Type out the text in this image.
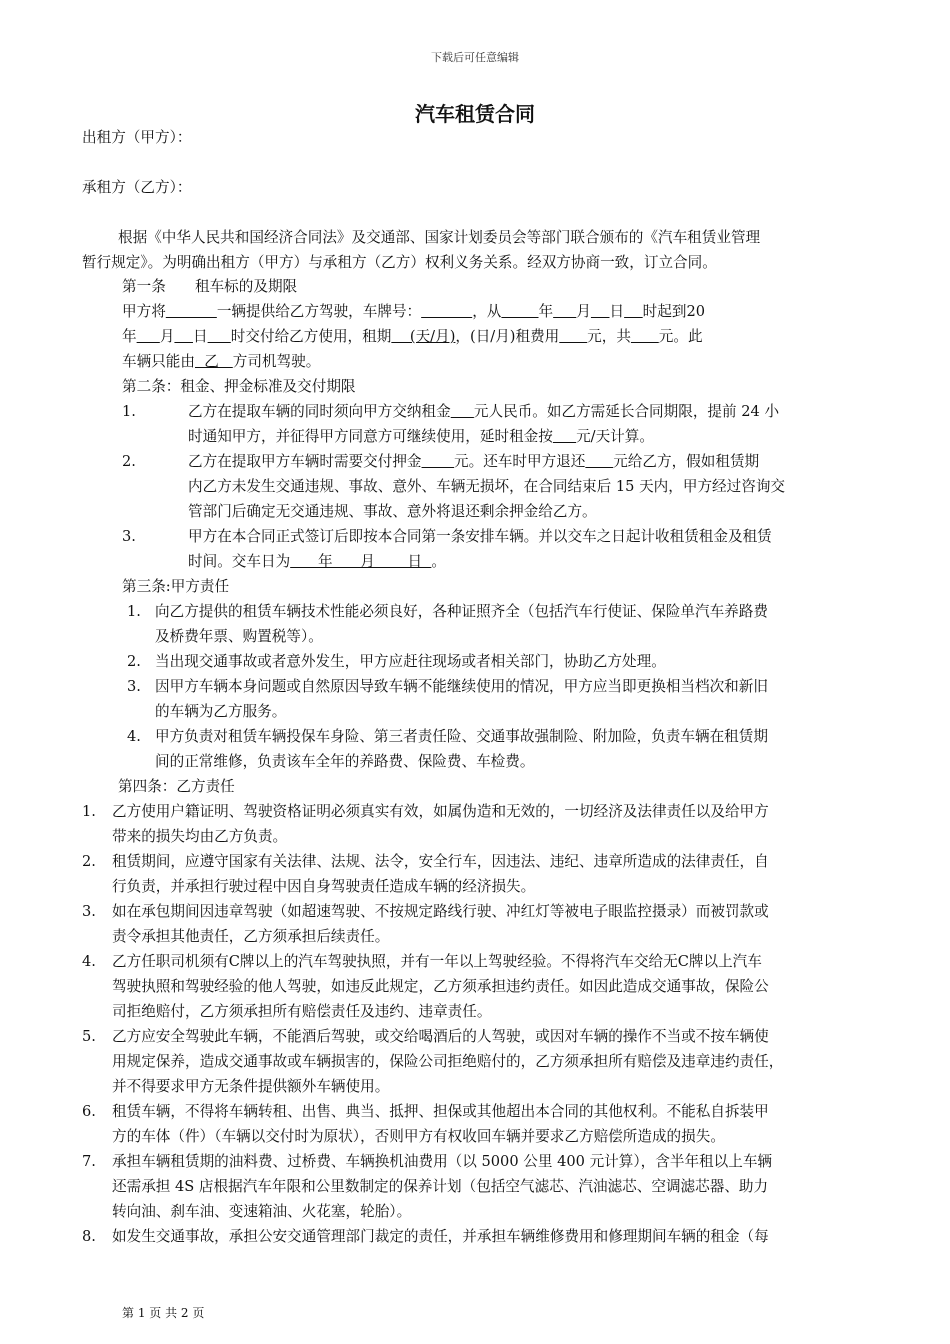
下载后可任意编辑
汽车租赁合同
出租方（甲方）：
承租方（乙方）：
根据《中华人民共和国经济合同法》及交通部、国家计划委员会等部门联合颁布的《汽车租赁业管理
暂行规定》。为明确出租方（甲方）与承租方（乙方）权利义务关系。经双方协商一致，订立合同。
第一条　　租车标的及期限
甲方将	一辆提供给乙方驾驶，车牌号：	，从	年 月 日 时起到20
年 月 日 时交付给乙方使用，租期    (天/月)，(日/月)租费用 元，共 元。此
车辆只能由  乙   方司机驾驶。
第二条：租金、押金标准及交付期限
1.	乙方在提取车辆的同时须向甲方交纳租金 元人民币。如乙方需延长合同期限，提前 24 小
时通知甲方，并征得甲方同意方可继续使用，延时租金按 元/天计算。
2.	乙方在提取甲方车辆时需要交付押金 元。还车时甲方退还 元给乙方，假如租赁期
内乙方未发生交通违规、事故、意外、车辆无损坏，在合同结束后 15 天内，甲方经过咨询交
管部门后确定无交通违规、事故、意外将退还剩余押金给乙方。
3.	甲方在本合同正式签订后即按本合同第一条安排车辆。并以交车之日起计收租赁租金及租赁
时间。交车日为      年      月       日  。
第三条:甲方责任
1. 向乙方提供的租赁车辆技术性能必须良好，各种证照齐全（包括汽车行使证、保险单汽车养路费
及桥费年票、购置税等）。
2. 当出现交通事故或者意外发生，甲方应赶往现场或者相关部门，协助乙方处理。
3. 因甲方车辆本身问题或自然原因导致车辆不能继续使用的情况，甲方应当即更换相当档次和新旧
的车辆为乙方服务。
4. 甲方负责对租赁车辆投保车身险、第三者责任险、交通事故强制险、附加险，负责车辆在租赁期
间的正常维修，负责该车全年的养路费、保险费、车检费。
第四条：乙方责任
1. 乙方使用户籍证明、驾驶资格证明必须真实有效，如属伪造和无效的，一切经济及法律责任以及给甲方
带来的损失均由乙方负责。
2. 租赁期间，应遵守国家有关法律、法规、法令，安全行车，因违法、违纪、违章所造成的法律责任，自
行负责，并承担行驶过程中因自身驾驶责任造成车辆的经济损失。
3. 如在承包期间因违章驾驶（如超速驾驶、不按规定路线行驶、冲红灯等被电子眼监控摄录）而被罚款或
责令承担其他责任，乙方须承担后续责任。
4. 乙方任职司机须有C牌以上的汽车驾驶执照，并有一年以上驾驶经验。不得将汽车交给无C牌以上汽车
驾驶执照和驾驶经验的他人驾驶，如违反此规定，乙方须承担违约责任。如因此造成交通事故，保险公
司拒绝赔付，乙方须承担所有赔偿责任及违约、违章责任。
5. 乙方应安全驾驶此车辆，不能酒后驾驶，或交给喝酒后的人驾驶，或因对车辆的操作不当或不按车辆使
用规定保养，造成交通事故或车辆损害的，保险公司拒绝赔付的，乙方须承担所有赔偿及违章违约责任，
并不得要求甲方无条件提供额外车辆使用。
6. 租赁车辆，不得将车辆转租、出售、典当、抵押、担保或其他超出本合同的其他权利。不能私自拆装甲
方的车体（件）（车辆以交付时为原状），否则甲方有权收回车辆并要求乙方赔偿所造成的损失。
7. 承担车辆租赁期的油料费、过桥费、车辆换机油费用（以 5000 公里 400 元计算），含半年租以上车辆
还需承担 4S 店根据汽车年限和公里数制定的保养计划（包括空气滤芯、汽油滤芯、空调滤芯器、助力
转向油、刹车油、变速箱油、火花塞，轮胎）。
8. 如发生交通事故，承担公安交通管理部门裁定的责任，并承担车辆维修费用和修理期间车辆的租金（每
第 1 页 共 2 页
